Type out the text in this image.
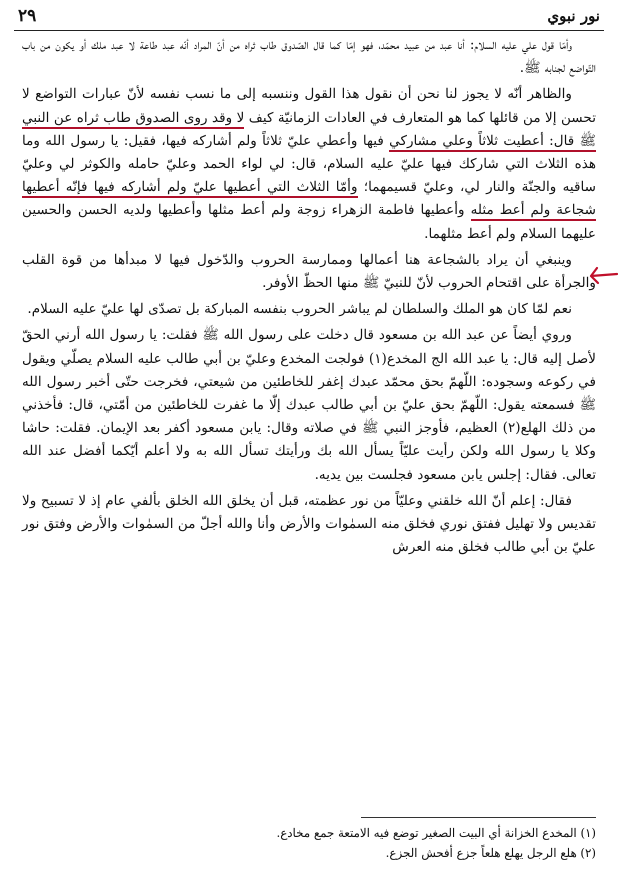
٢٩	نور نبوي

وأمّا قول علي عليه السلام: أنا عبد من عبيد محمّد، فهو إمّا كما قال الصّدوق طاب ثراه من أنّ المراد أنّه عبد طاعة لا عبد ملك أو يكون من باب التّواضع لجنابه ﷺ.

والظاهر أنّه لا يجوز لنا نحن أن نقول هذا القول وننسبه إلى ما نسب نفسه لأنّ عبارات التواضع لا تحسن إلا من قائلها كما هو المتعارف في العادات الزمانيّة كيف لا وقد روى الصدوق طاب ثراه عن النبي ﷺ قال: أعطيت ثلاثاً وعلي مشاركي فيها وأعطي عليّ ثلاثاً ولم أشاركه فيها، فقيل: يا رسول الله وما هذه الثلاث التي شاركك فيها عليّ عليه السلام، قال: لي لواء الحمد وعليّ حامله والكوثر لي وعليّ ساقيه والجنّة والنار لي، وعليّ قسيمهما؛ وأمّا الثلاث التي أعطيها عليّ ولم أشاركه فيها فإنّه أعطيها شجاعة ولم أعط مثله وأعطيها فاطمة الزهراء زوجة ولم أعط مثلها وأعطيها ولديه الحسن والحسين عليهما السلام ولم أعط مثلهما.

وينبغي أن يراد بالشجاعة هنا أعمالها وممارسة الحروب والدّخول فيها لا مبدأها من قوة القلب والجرأة على اقتحام الحروب لأنّ للنبيّ ﷺ منها الحظّ الأوفر.

نعم لمّا كان هو الملك والسلطان لم يباشر الحروب بنفسه المباركة بل تصدّى لها عليّ عليه السلام.

وروي أيضاً عن عبد الله بن مسعود قال دخلت على رسول الله ﷺ فقلت: يا رسول الله أرني الحقّ لأصل إليه قال: يا عبد الله الج المخدع(١) فولجت المخدع وعليّ بن أبي طالب عليه السلام يصلّي ويقول في ركوعه وسجوده: اللّهمّ بحق محمّد عبدك إغفر للخاطئين من شيعتي، فخرجت حتّى أخبر رسول الله ﷺ فسمعته يقول: اللّهمّ بحق عليّ بن أبي طالب عبدك إلّا ما غفرت للخاطئين من أمّتي، قال: فأخذني من ذلك الهلع(٢) العظيم، فأوجز النبي ﷺ في صلاته وقال: يابن مسعود أكفر بعد الإيمان. فقلت: حاشا وكلا يا رسول الله ولكن رأيت عليّاً يسأل الله بك ورأيتك تسأل الله به ولا أعلم أيّكما أفضل عند الله تعالى. فقال: إجلس يابن مسعود فجلست بين يديه.

فقال: إعلم أنّ الله خلقني وعليّاً من نور عظمته، قبل أن يخلق الله الخلق بألفي عام إذ لا تسبيح ولا تقديس ولا تهليل ففتق نوري فخلق منه السمٰوات والأرض وأنا والله أجلّ من السمٰوات والأرض وفتق نور عليّ بن أبي طالب فخلق منه العرش

(١) المخدع الخزانة أي البيت الصغير توضع فيه الامتعة جمع مخادع.
(٢) هلع الرجل يهلع هلعاً جزع أفحش الجزع.
